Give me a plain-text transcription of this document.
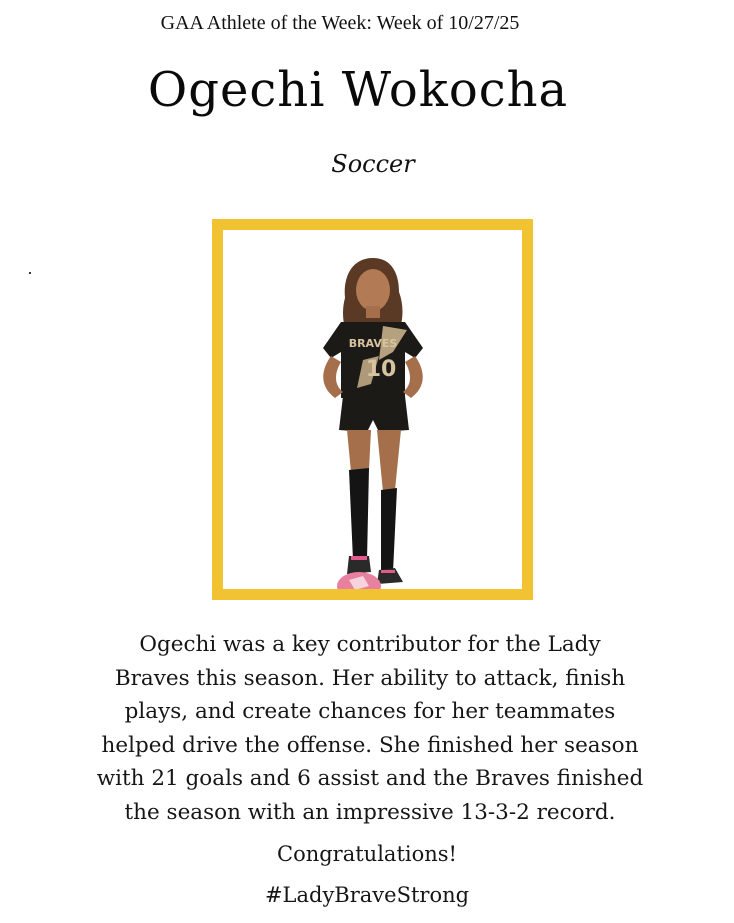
GAA Athlete of the Week: Week of 10/27/25
Ogechi Wokocha
Soccer
BRAVES
10
Ogechi was a key contributor for the Lady
Braves this season. Her ability to attack, finish
plays, and create chances for her teammates
helped drive the offense. She finished her season
with 21 goals and 6 assist and the Braves finished
the season with an impressive 13-3-2 record.
Congratulations!
#LadyBraveStrong
